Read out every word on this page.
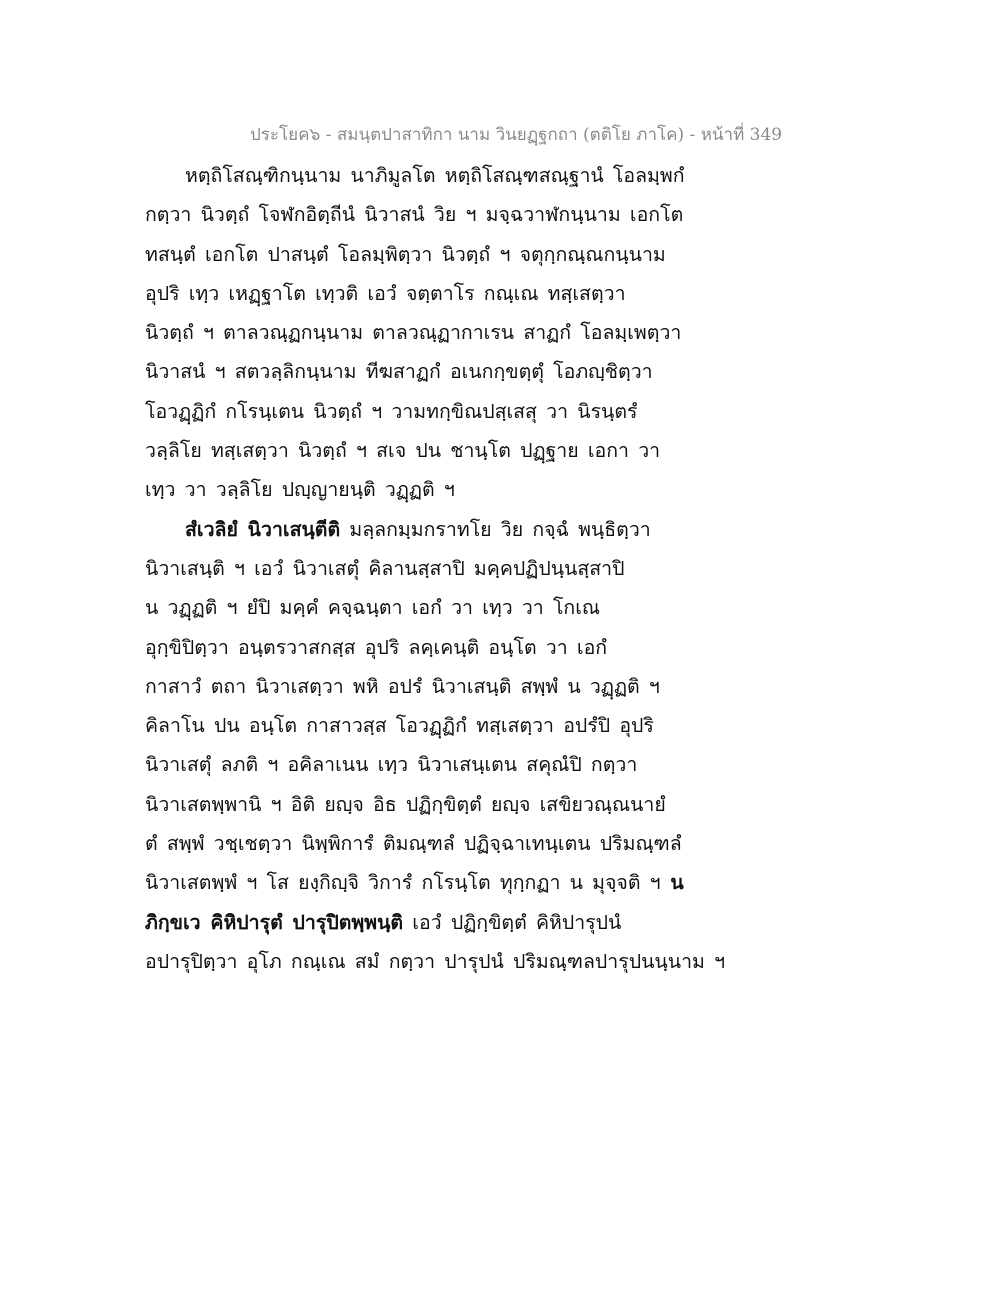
ประโยค๖ - สมนฺตปาสาทิกา นาม วินยฏฺฐกถา (ตติโย ภาโค) - หน้าที่ 349
หตฺถิโสณฺฑิกนฺนาม นาภิมูลโต หตฺถิโสณฺฑสณฺฐานํ โอลมฺพกํ
กตฺวา นิวตฺถํ โจฬกอิตฺถีนํ นิวาสนํ วิย ฯ มจฺฉวาฬกนฺนาม เอกโต
ทสนฺตํ เอกโต ปาสนฺตํ โอลมฺพิตฺวา นิวตฺถํ ฯ จตุกฺกณฺณกนฺนาม
อุปริ เทฺว เหฏฺฐาโต เทฺวติ เอวํ จตฺตาโร กณฺเณ ทสฺเสตฺวา
นิวตฺถํ ฯ ตาลวณฺฏกนฺนาม ตาลวณฺฏากาเรน สาฏกํ โอลมฺเพตฺวา
นิวาสนํ ฯ สตวลฺลิกนฺนาม ทีฆสาฏกํ อเนกกฺขตฺตุํ โอภญฺชิตฺวา
โอวฏฺฏิกํ กโรนฺเตน นิวตฺถํ ฯ วามทกฺขิณปสฺเสสุ วา นิรนฺตรํ
วลฺลิโย ทสฺเสตฺวา นิวตฺถํ ฯ สเจ ปน ชานฺโต ปฏฺฐาย เอกา วา
เทฺว วา วลฺลิโย ปญฺญายนฺติ วฏฺฏติ ฯ
สํเวลิยํ นิวาเสนฺตีติ มลฺลกมฺมกราทโย วิย กจฺฉํ พนฺธิตฺวา
นิวาเสนฺติ ฯ เอวํ นิวาเสตุํ คิลานสฺสาปิ มคฺคปฏิปนฺนสฺสาปิ
น วฏฺฏติ ฯ ยํปิ มคฺคํ คจฺฉนฺตา เอกํ วา เทฺว วา โกเณ
อุกฺขิปิตฺวา อนฺตรวาสกสฺส อุปริ ลคฺเคนฺติ อนฺโต วา เอกํ
กาสาวํ ตถา นิวาเสตฺวา พหิ อปรํ นิวาเสนฺติ สพฺพํ น วฏฺฏติ ฯ
คิลาโน ปน อนฺโต กาสาวสฺส โอวฏฺฏิกํ ทสฺเสตฺวา อปรํปิ อุปริ
นิวาเสตุํ ลภติ ฯ อคิลาเนน เทฺว นิวาเสนฺเตน สคุณํปิ กตฺวา
นิวาเสตพฺพานิ ฯ อิติ ยญฺจ อิธ ปฏิกฺขิตฺตํ ยญฺจ เสขิยวณฺณนายํ
ตํ สพฺพํ วชฺเชตฺวา นิพฺพิการํ ติมณฺฑลํ ปฏิจฺฉาเทนฺเตน ปริมณฺฑลํ
นิวาเสตพฺพํ ฯ โส ยงฺกิญฺจิ วิการํ กโรนฺโต ทุกฺกฏา น มุจฺจติ ฯ น
ภิกฺขเว คิหิปารุตํ ปารุปิตพฺพนฺติ เอวํ ปฏิกฺขิตฺตํ คิหิปารุปนํ
อปารุปิตฺวา อุโภ กณฺเณ สมํ กตฺวา ปารุปนํ ปริมณฺฑลปารุปนนฺนาม ฯ
